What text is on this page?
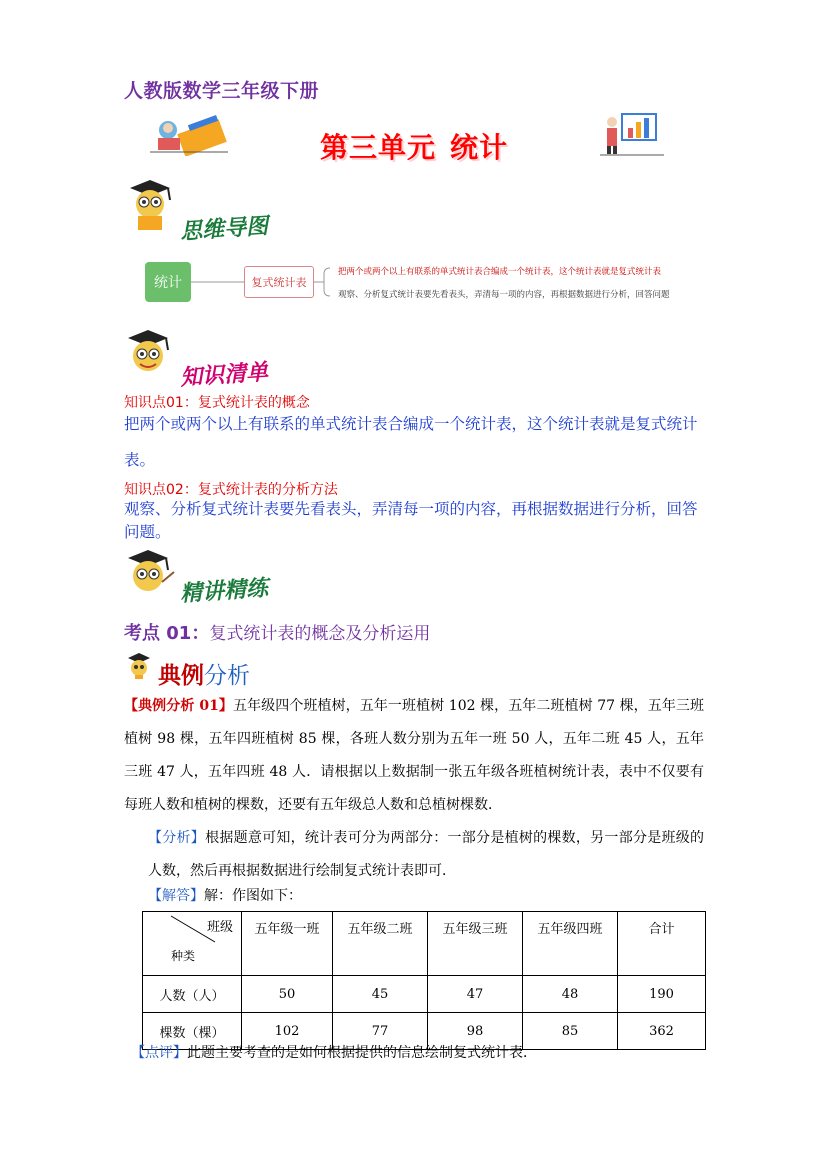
人教版数学三年级下册
第三单元 统计
思维导图
统计	复式统计表
把两个或两个以上有联系的单式统计表合编成一个统计表，这个统计表就是复式统计表
观察、分析复式统计表要先看表头，弄清每一项的内容，再根据数据进行分析，回答问题
知识清单
知识点01：复式统计表的概念
把两个或两个以上有联系的单式统计表合编成一个统计表，这个统计表就是复式统计表。
知识点02：复式统计表的分析方法
观察、分析复式统计表要先看表头，弄清每一项的内容，再根据数据进行分析，回答问题。
精讲精练
考点 01：复式统计表的概念及分析运用
典例分析
【典例分析 01】五年级四个班植树，五年一班植树 102 棵，五年二班植树 77 棵，五年三班植树 98 棵，五年四班植树 85 棵，各班人数分别为五年一班 50 人，五年二班 45 人，五年三班 47 人，五年四班 48 人．请根据以上数据制一张五年级各班植树统计表，表中不仅要有每班人数和植树的棵数，还要有五年级总人数和总植树棵数．
【分析】根据题意可知，统计表可分为两部分：一部分是植树的棵数，另一部分是班级的人数，然后再根据数据进行绘制复式统计表即可．
【解答】解：作图如下：
班级
种类	五年级一班	五年级二班	五年级三班	五年级四班	合计
人数（人）	50	45	47	48	190
棵数（棵）	102	77	98	85	362
【点评】此题主要考查的是如何根据提供的信息绘制复式统计表．
